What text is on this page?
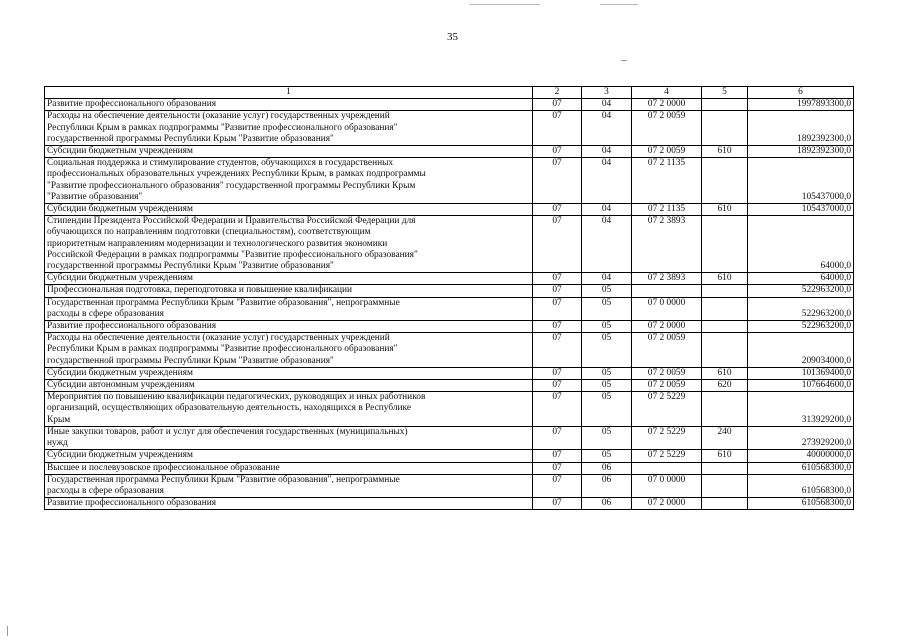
35
1	2	3	4	5	6
Развитие профессионального образования	07	04	07 2 0000		1997893300,0
Расходы на обеспечение деятельности (оказание услуг) государственных учреждений
Республики Крым в рамках подпрограммы "Развитие профессионального образования"
государственной программы Республики Крым "Развитие образования"	07	04	07 2 0059		1892392300,0
Субсидии бюджетным учреждениям	07	04	07 2 0059	610	1892392300,0
Социальная поддержка и стимулирование студентов, обучающихся в государственных
профессиональных образовательных учреждениях Республики Крым, в рамках подпрограммы
"Развитие профессионального образования" государственной программы Республики Крым
"Развитие образования"	07	04	07 2 1135		105437000,0
Субсидии бюджетным учреждениям	07	04	07 2 1135	610	105437000,0
Стипендии Президента Российской Федерации и Правительства Российской Федерации для
обучающихся по направлениям подготовки (специальностям), соответствующим
приоритетным направлениям модернизации и технологического развития экономики
Российской Федерации в рамках подпрограммы "Развитие профессионального образования"
государственной программы Республики Крым "Развитие образования"	07	04	07 2 3893		64000,0
Субсидии бюджетным учреждениям	07	04	07 2 3893	610	64000,0
Профессиональная подготовка, переподготовка и повышение квалификации	07	05			522963200,0
Государственная программа Республики Крым "Развитие образования", непрограммные
расходы в сфере образования	07	05	07 0 0000		522963200,0
Развитие профессионального образования	07	05	07 2 0000		522963200,0
Расходы на обеспечение деятельности (оказание услуг) государственных учреждений
Республики Крым в рамках подпрограммы "Развитие профессионального образования"
государственной программы Республики Крым "Развитие образования"	07	05	07 2 0059		209034000,0
Субсидии бюджетным учреждениям	07	05	07 2 0059	610	101369400,0
Субсидии автономным учреждениям	07	05	07 2 0059	620	107664600,0
Мероприятия по повышению квалификации педагогических, руководящих и иных работников
организаций, осуществляющих образовательную деятельность, находящихся в Республике
Крым	07	05	07 2 5229		313929200,0
Иные закупки товаров, работ и услуг для обеспечения государственных (муниципальных)
нужд	07	05	07 2 5229	240	273929200,0
Субсидии бюджетным учреждениям	07	05	07 2 5229	610	40000000,0
Высшее и послевузовское профессиональное образование	07	06			610568300,0
Государственная программа Республики Крым "Развитие образования", непрограммные
расходы в сфере образования	07	06	07 0 0000		610568300,0
Развитие профессионального образования	07	06	07 2 0000		610568300,0
